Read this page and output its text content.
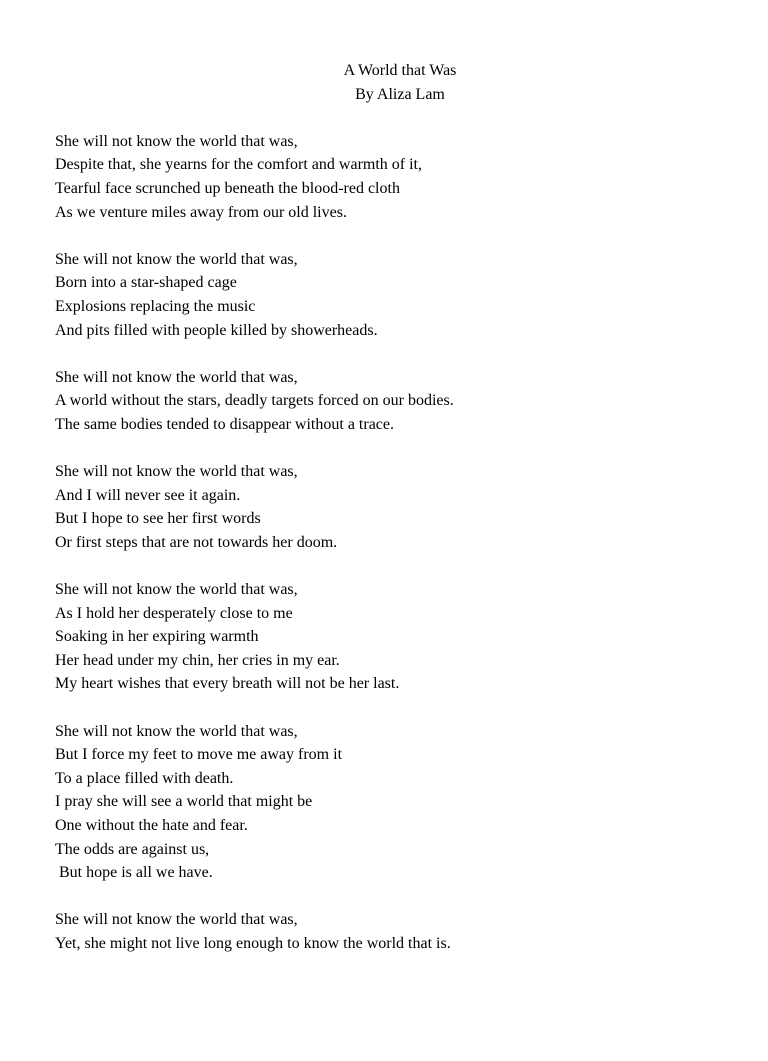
A World that Was
By Aliza Lam
She will not know the world that was,
Despite that, she yearns for the comfort and warmth of it,
Tearful face scrunched up beneath the blood-red cloth
As we venture miles away from our old lives.
She will not know the world that was,
Born into a star-shaped cage
Explosions replacing the music
And pits filled with people killed by showerheads.
She will not know the world that was,
A world without the stars, deadly targets forced on our bodies.
The same bodies tended to disappear without a trace.
She will not know the world that was,
And I will never see it again.
But I hope to see her first words
Or first steps that are not towards her doom.
She will not know the world that was,
As I hold her desperately close to me
Soaking in her expiring warmth
Her head under my chin, her cries in my ear.
My heart wishes that every breath will not be her last.
She will not know the world that was,
But I force my feet to move me away from it
To a place filled with death.
I pray she will see a world that might be
One without the hate and fear.
The odds are against us,
But hope is all we have.
She will not know the world that was,
Yet, she might not live long enough to know the world that is.
